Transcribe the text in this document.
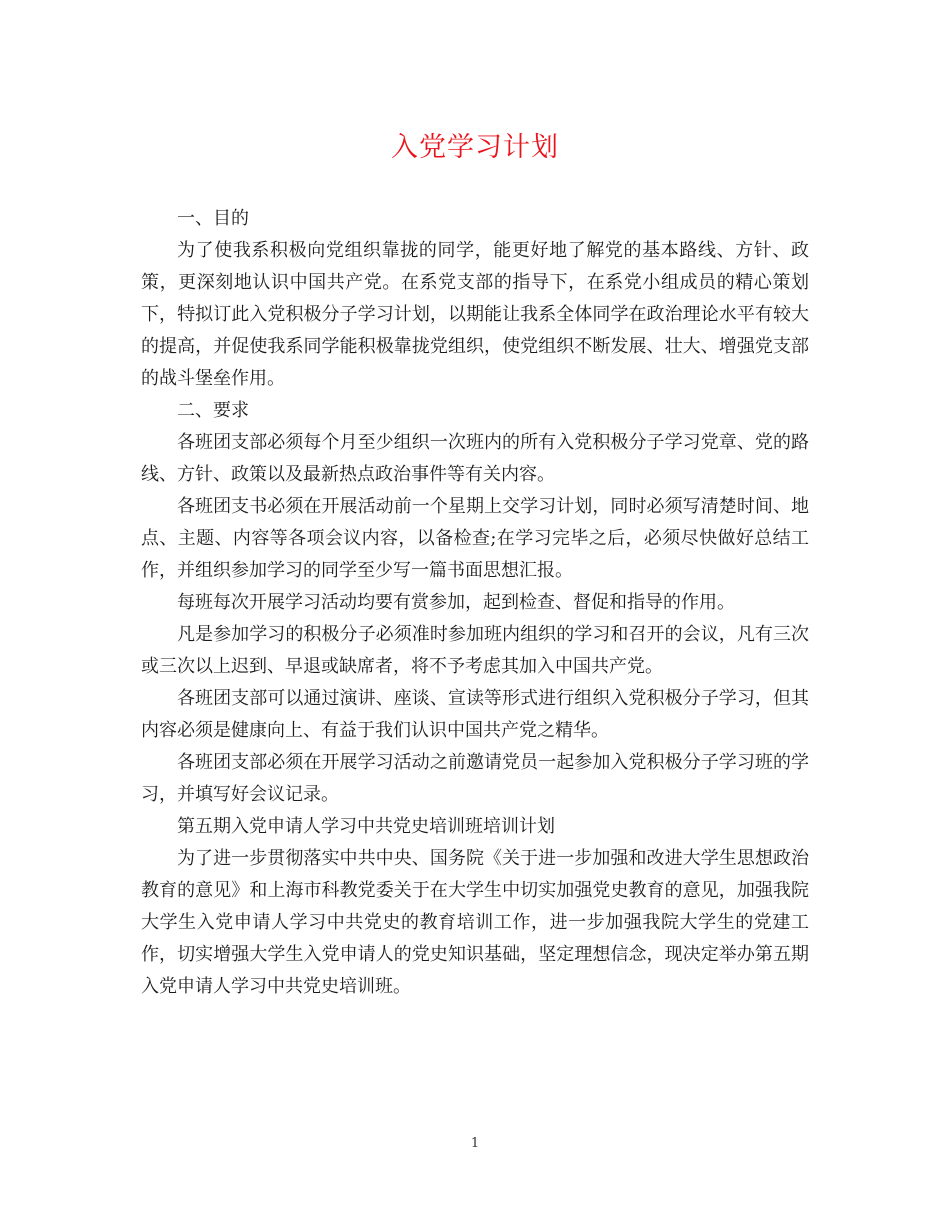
入党学习计划

一、目的

为了使我系积极向党组织靠拢的同学，能更好地了解党的基本路线、方针、政策，更深刻地认识中国共产党。在系党支部的指导下，在系党小组成员的精心策划下，特拟订此入党积极分子学习计划，以期能让我系全体同学在政治理论水平有较大的提高，并促使我系同学能积极靠拢党组织，使党组织不断发展、壮大、增强党支部的战斗堡垒作用。

二、要求

各班团支部必须每个月至少组织一次班内的所有入党积极分子学习党章、党的路线、方针、政策以及最新热点政治事件等有关内容。

各班团支书必须在开展活动前一个星期上交学习计划，同时必须写清楚时间、地点、主题、内容等各项会议内容，以备检查;在学习完毕之后，必须尽快做好总结工作，并组织参加学习的同学至少写一篇书面思想汇报。

每班每次开展学习活动均要有赏参加，起到检查、督促和指导的作用。

凡是参加学习的积极分子必须准时参加班内组织的学习和召开的会议，凡有三次或三次以上迟到、早退或缺席者，将不予考虑其加入中国共产党。

各班团支部可以通过演讲、座谈、宣读等形式进行组织入党积极分子学习，但其内容必须是健康向上、有益于我们认识中国共产党之精华。

各班团支部必须在开展学习活动之前邀请党员一起参加入党积极分子学习班的学习，并填写好会议记录。

第五期入党申请人学习中共党史培训班培训计划

为了进一步贯彻落实中共中央、国务院《关于进一步加强和改进大学生思想政治教育的意见》和上海市科教党委关于在大学生中切实加强党史教育的意见，加强我院大学生入党申请人学习中共党史的教育培训工作，进一步加强我院大学生的党建工作，切实增强大学生入党申请人的党史知识基础，坚定理想信念，现决定举办第五期入党申请人学习中共党史培训班。

1
